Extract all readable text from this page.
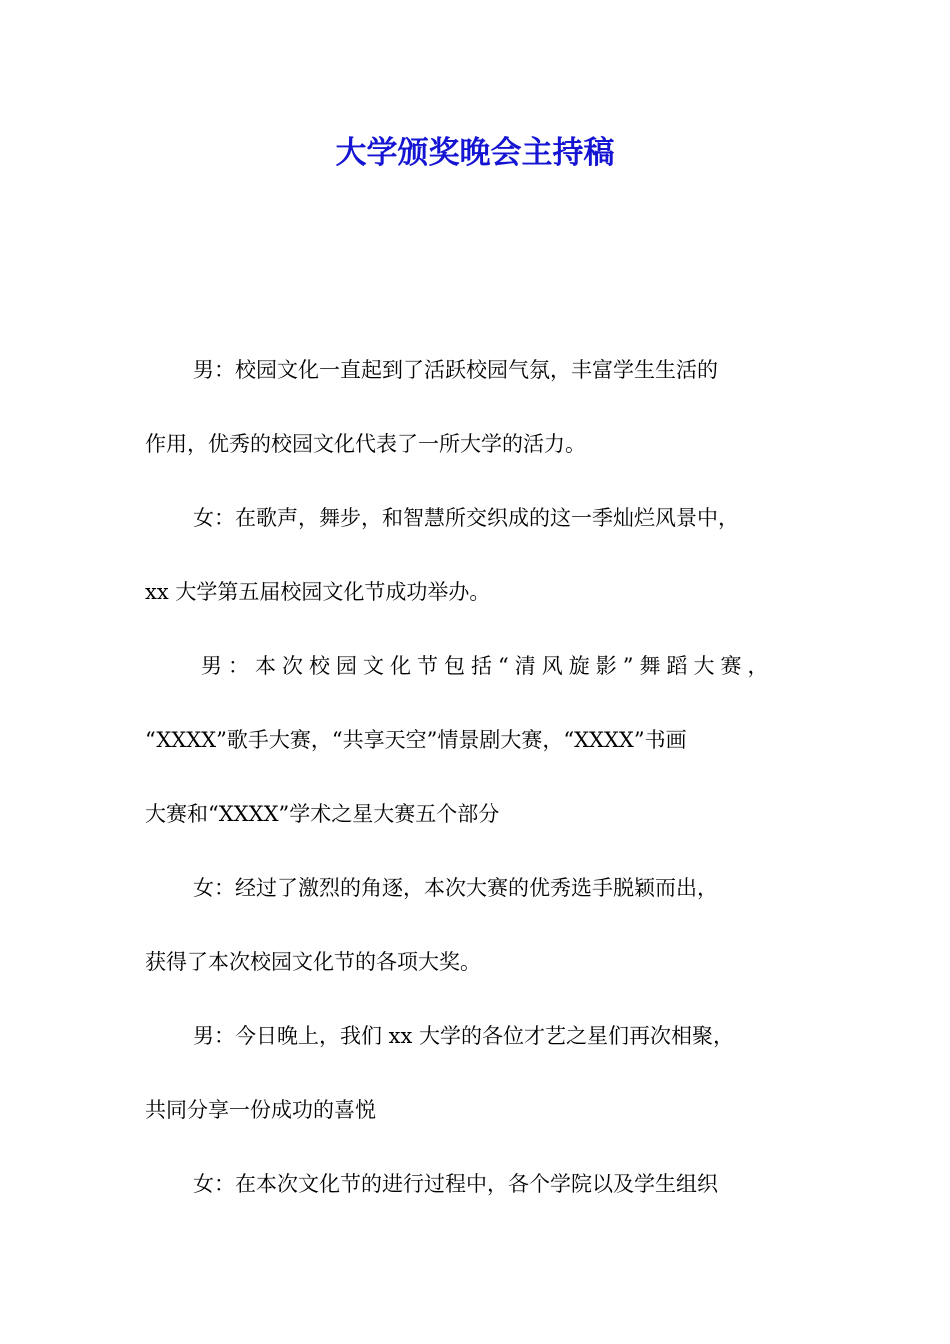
大学颁奖晚会主持稿
男：校园文化一直起到了活跃校园气氛，丰富学生生活的
作用，优秀的校园文化代表了一所大学的活力。
女：在歌声，舞步，和智慧所交织成的这一季灿烂风景中，
xx 大学第五届校园文化节成功举办。
男：本次校园文化节包括“清风旋影”舞蹈大赛，
“XXXX”歌手大赛，“共享天空”情景剧大赛，“XXXX”书画
大赛和“XXXX”学术之星大赛五个部分
女：经过了激烈的角逐，本次大赛的优秀选手脱颖而出，
获得了本次校园文化节的各项大奖。
男：今日晚上，我们 xx 大学的各位才艺之星们再次相聚，
共同分享一份成功的喜悦
女：在本次文化节的进行过程中，各个学院以及学生组织
